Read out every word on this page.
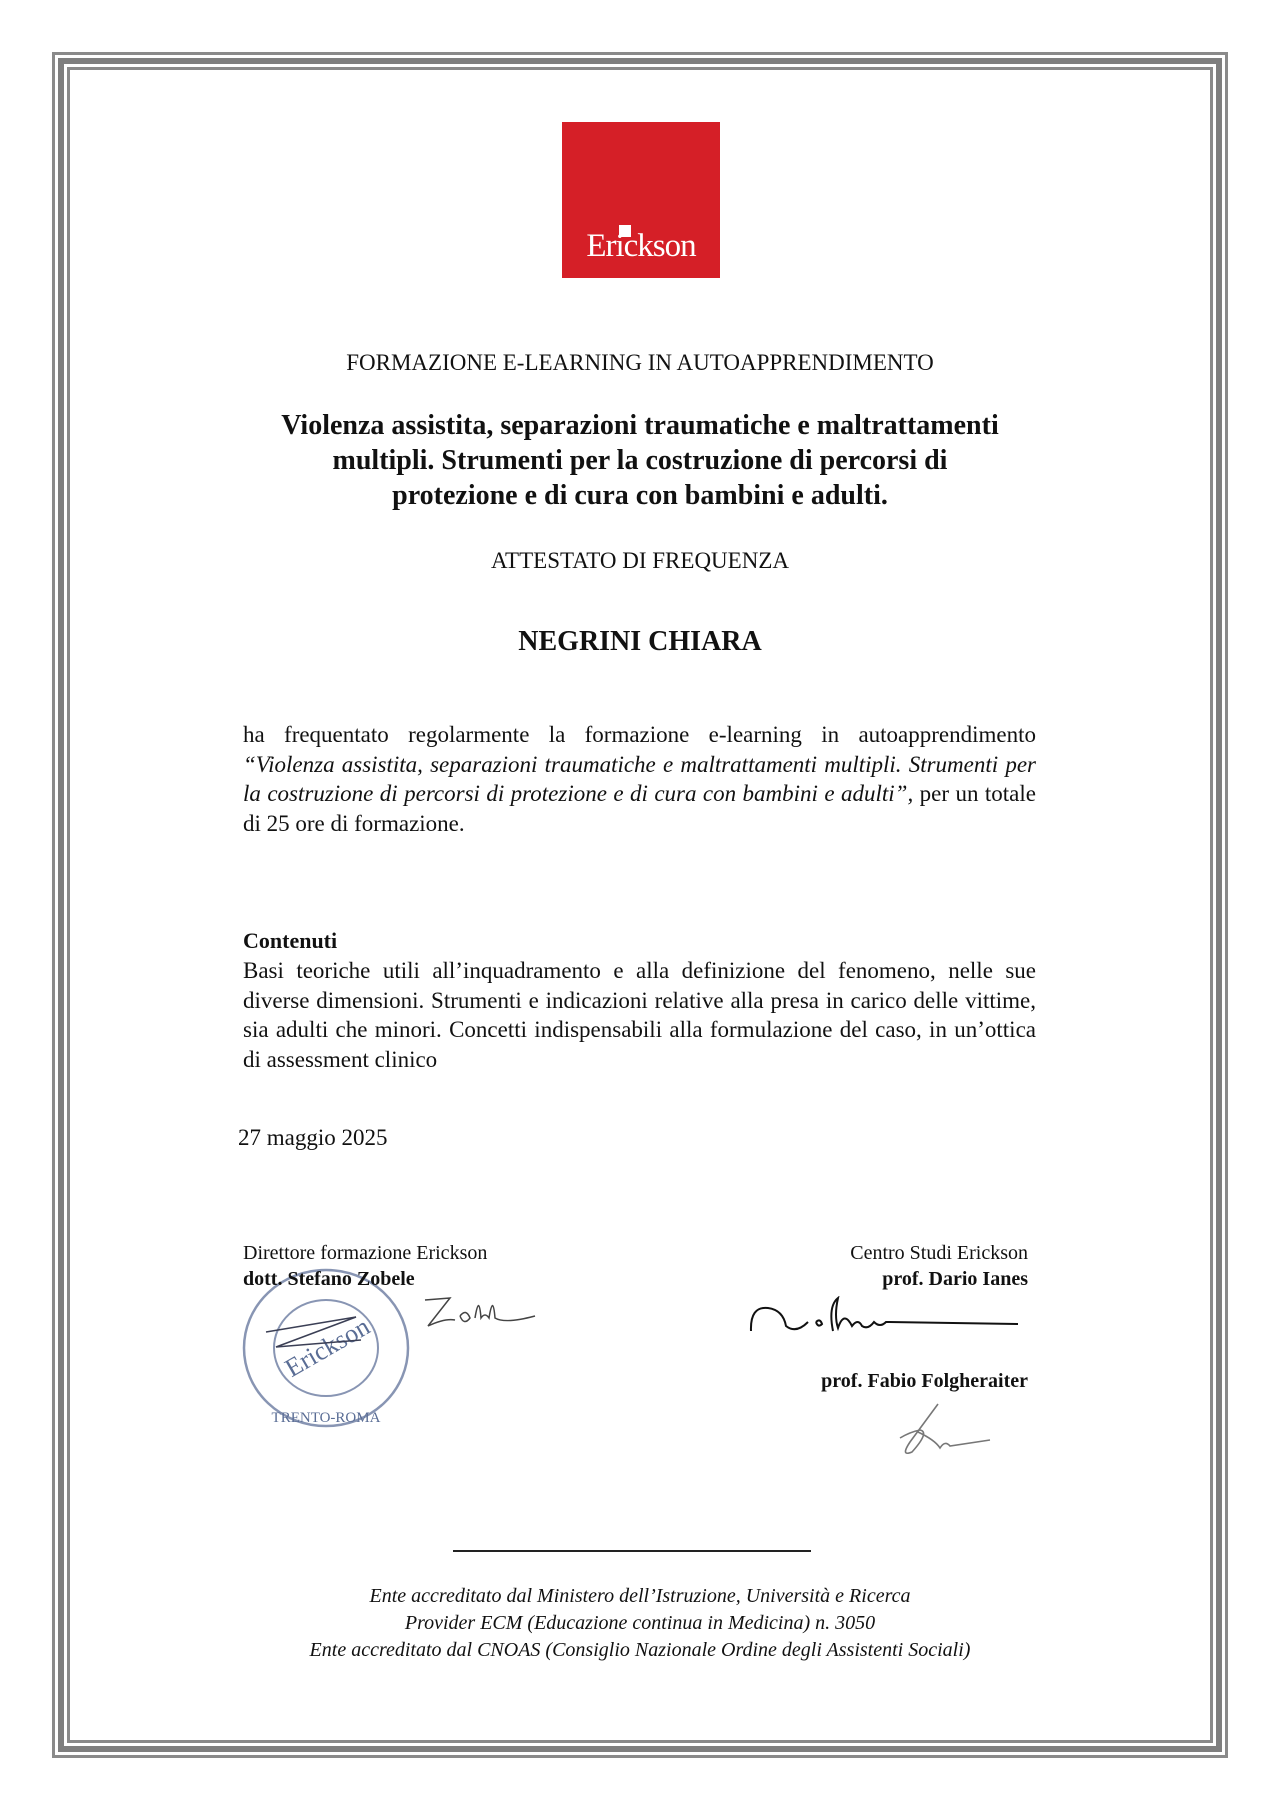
Erickson
FORMAZIONE E-LEARNING IN AUTOAPPRENDIMENTO
Violenza assistita, separazioni traumatiche e maltrattamenti
multipli. Strumenti per la costruzione di percorsi di
protezione e di cura con bambini e adulti.
ATTESTATO DI FREQUENZA
NEGRINI CHIARA
ha frequentato regolarmente la formazione e-learning in autoapprendimento “Violenza assistita, separazioni traumatiche e maltrattamenti multipli. Strumenti per la costruzione di percorsi di protezione e di cura con bambini e adulti”, per un totale di 25 ore di formazione.
Contenuti
Basi teoriche utili all’inquadramento e alla definizione del fenomeno, nelle sue diverse dimensioni. Strumenti e indicazioni relative alla presa in carico delle vittime, sia adulti che minori. Concetti indispensabili alla formulazione del caso, in un’ottica di assessment clinico
27 maggio 2025
Erickson
TRENTO-ROMA
Direttore formazione Erickson
dott. Stefano Zobele
Centro Studi Erickson
prof. Dario Ianes
prof. Fabio Folgheraiter
Ente accreditato dal Ministero dell’Istruzione, Università e Ricerca
Provider ECM (Educazione continua in Medicina) n. 3050
Ente accreditato dal CNOAS (Consiglio Nazionale Ordine degli Assistenti Sociali)
